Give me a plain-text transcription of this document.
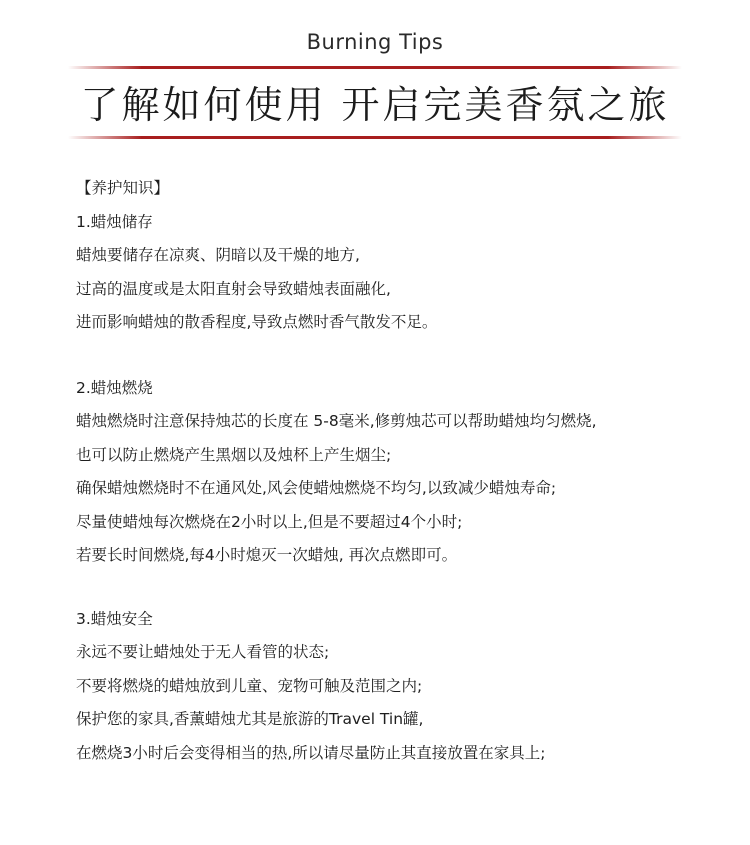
Burning Tips
了解如何使用 开启完美香氛之旅
【养护知识】
1.蜡烛储存
蜡烛要储存在凉爽、阴暗以及干燥的地方,
过高的温度或是太阳直射会导致蜡烛表面融化,
进而影响蜡烛的散香程度,导致点燃时香气散发不足。
2.蜡烛燃烧
蜡烛燃烧时注意保持烛芯的长度在 5-8毫米,修剪烛芯可以帮助蜡烛均匀燃烧,
也可以防止燃烧产生黑烟以及烛杯上产生烟尘;
确保蜡烛燃烧时不在通风处,风会使蜡烛燃烧不均匀,以致减少蜡烛寿命;
尽量使蜡烛每次燃烧在2小时以上,但是不要超过4个小时;
若要长时间燃烧,每4小时熄灭一次蜡烛, 再次点燃即可。
3.蜡烛安全
永远不要让蜡烛处于无人看管的状态;
不要将燃烧的蜡烛放到儿童、宠物可触及范围之内;
保护您的家具,香薰蜡烛尤其是旅游的Travel Tin罐,
在燃烧3小时后会变得相当的热,所以请尽量防止其直接放置在家具上;
